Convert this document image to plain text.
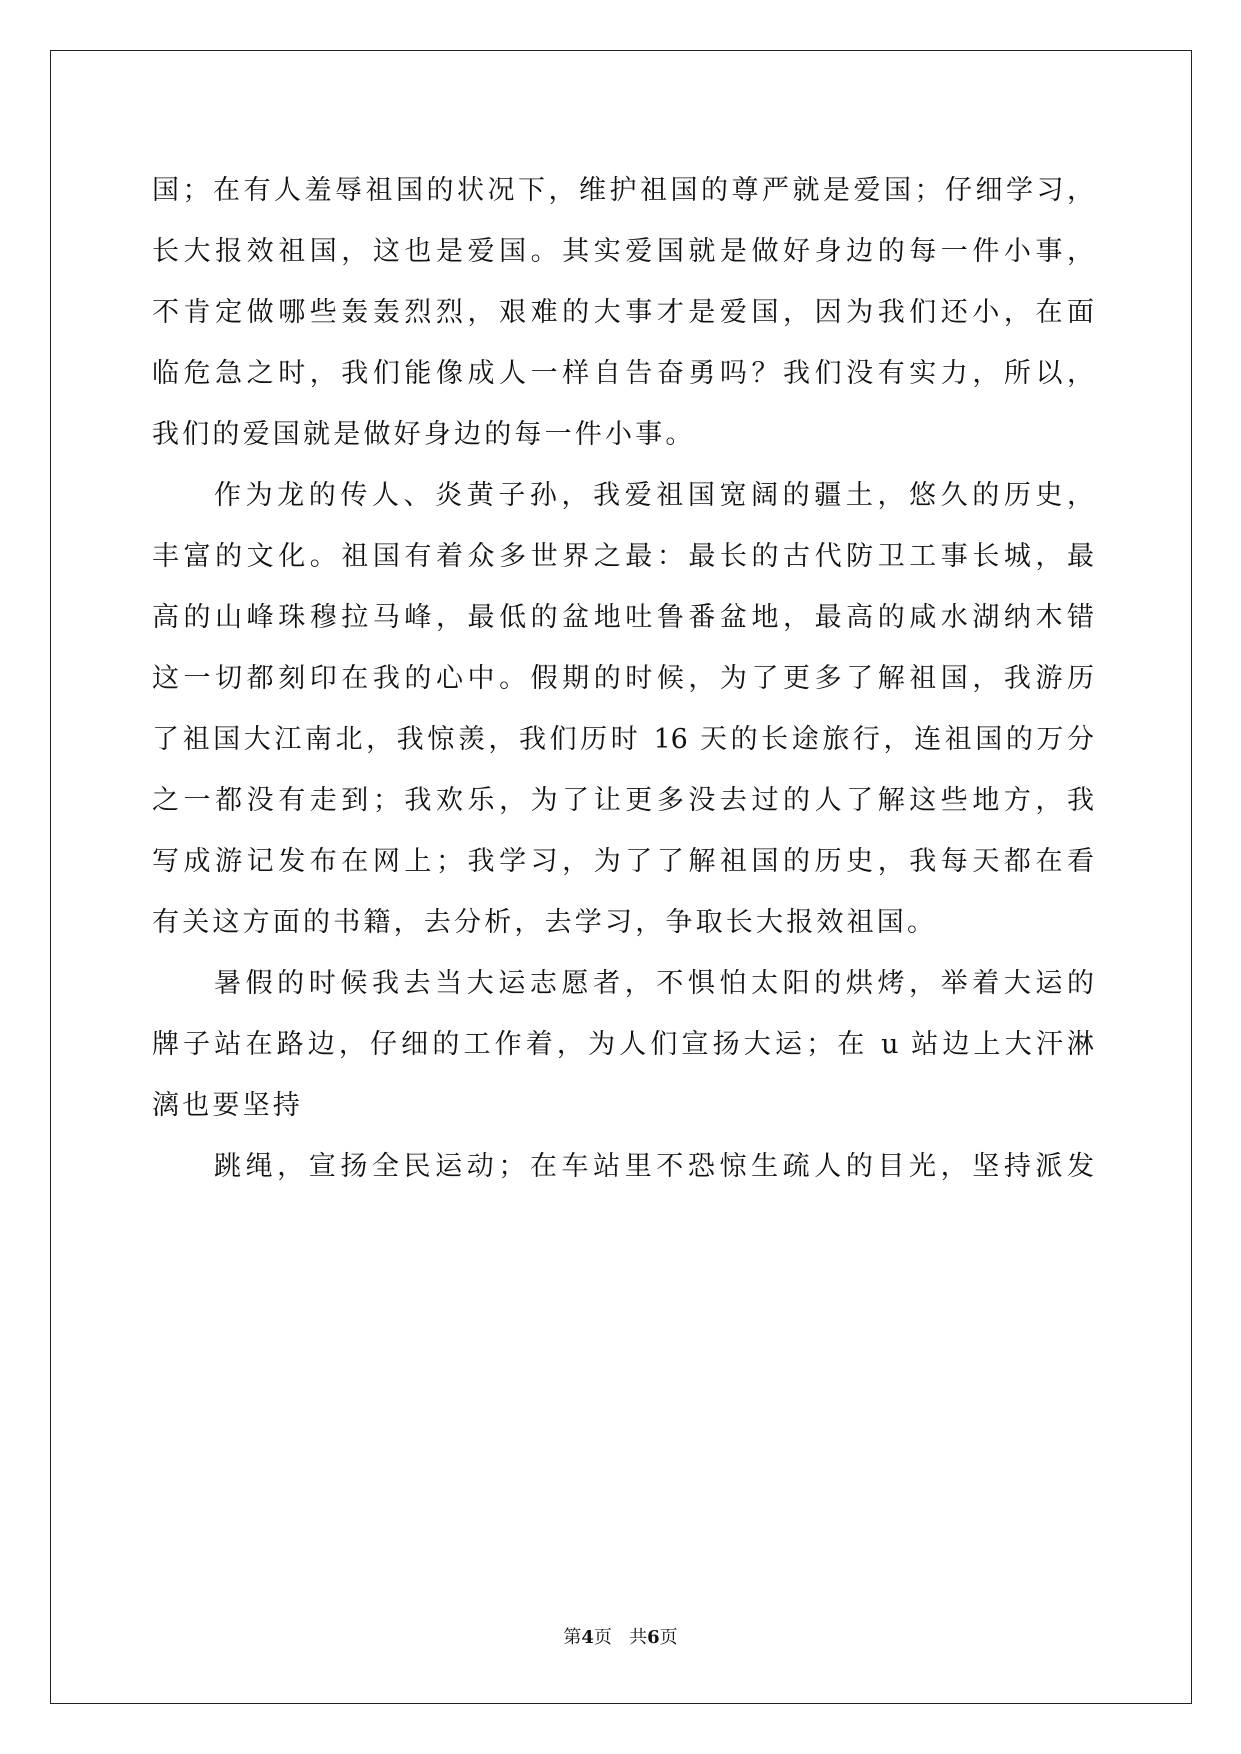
国；在有人羞辱祖国的状况下，维护祖国的尊严就是爱国；仔细学习，
长大报效祖国，这也是爱国。其实爱国就是做好身边的每一件小事，
不肯定做哪些轰轰烈烈，艰难的大事才是爱国，因为我们还小，在面
临危急之时，我们能像成人一样自告奋勇吗？我们没有实力，所以，
我们的爱国就是做好身边的每一件小事。
作为龙的传人、炎黄子孙，我爱祖国宽阔的疆土，悠久的历史，
丰富的文化。祖国有着众多世界之最：最长的古代防卫工事长城，最
高的山峰珠穆拉马峰，最低的盆地吐鲁番盆地，最高的咸水湖纳木错
这一切都刻印在我的心中。假期的时候，为了更多了解祖国，我游历
了祖国大江南北，我惊羡，我们历时 16 天的长途旅行，连祖国的万分
之一都没有走到；我欢乐，为了让更多没去过的人了解这些地方，我
写成游记发布在网上；我学习，为了了解祖国的历史，我每天都在看
有关这方面的书籍，去分析，去学习，争取长大报效祖国。
暑假的时候我去当大运志愿者，不惧怕太阳的烘烤，举着大运的
牌子站在路边，仔细的工作着，为人们宣扬大运；在 u 站边上大汗淋
漓也要坚持
跳绳，宣扬全民运动；在车站里不恐惊生疏人的目光，坚持派发
第4页 共6页
